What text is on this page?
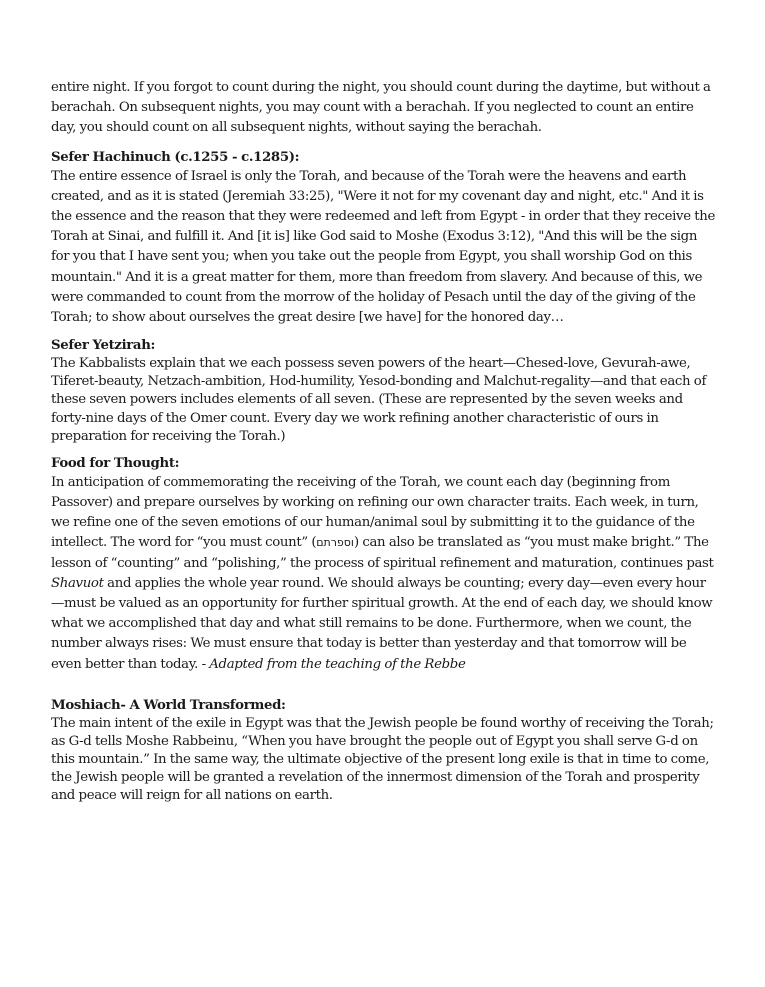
entire night. If you forgot to count during the night, you should count during the daytime, but without a berachah. On subsequent nights, you may count with a berachah. If you neglected to count an entire day, you should count on all subsequent nights, without saying the berachah.

Sefer Hachinuch (c.1255 - c.1285):

The entire essence of Israel is only the Torah, and because of the Torah were the heavens and earth created, and as it is stated (Jeremiah 33:25), "Were it not for my covenant day and night, etc." And it is the essence and the reason that they were redeemed and left from Egypt - in order that they receive the Torah at Sinai, and fulfill it. And [it is] like God said to Moshe (Exodus 3:12), "And this will be the sign for you that I have sent you; when you take out the people from Egypt, you shall worship God on this mountain." And it is a great matter for them, more than freedom from slavery. And because of this, we were commanded to count from the morrow of the holiday of Pesach until the day of the giving of the Torah; to show about ourselves the great desire [we have] for the honored day…

Sefer Yetzirah:

The Kabbalists explain that we each possess seven powers of the heart—Chesed-love, Gevurah-awe, Tiferet-beauty, Netzach-ambition, Hod-humility, Yesod-bonding and Malchut-regality—and that each of these seven powers includes elements of all seven. (These are represented by the seven weeks and forty-nine days of the Omer count. Every day we work refining another characteristic of ours in preparation for receiving the Torah.)

Food for Thought:

In anticipation of commemorating the receiving of the Torah, we count each day (beginning from Passover) and prepare ourselves by working on refining our own character traits. Each week, in turn, we refine one of the seven emotions of our human/animal soul by submitting it to the guidance of the intellect. The word for “you must count” (וספרתם) can also be translated as “you must make bright.” The lesson of “counting” and “polishing,” the process of spiritual refinement and maturation, continues past Shavuot and applies the whole year round. We should always be counting; every day—even every hour—must be valued as an opportunity for further spiritual growth. At the end of each day, we should know what we accomplished that day and what still remains to be done. Furthermore, when we count, the number always rises: We must ensure that today is better than yesterday and that tomorrow will be even better than today. - Adapted from the teaching of the Rebbe

Moshiach- A World Transformed:

The main intent of the exile in Egypt was that the Jewish people be found worthy of receiving the Torah; as G-d tells Moshe Rabbeinu, “When you have brought the people out of Egypt you shall serve G-d on this mountain.” In the same way, the ultimate objective of the present long exile is that in time to come, the Jewish people will be granted a revelation of the innermost dimension of the Torah and prosperity and peace will reign for all nations on earth.
